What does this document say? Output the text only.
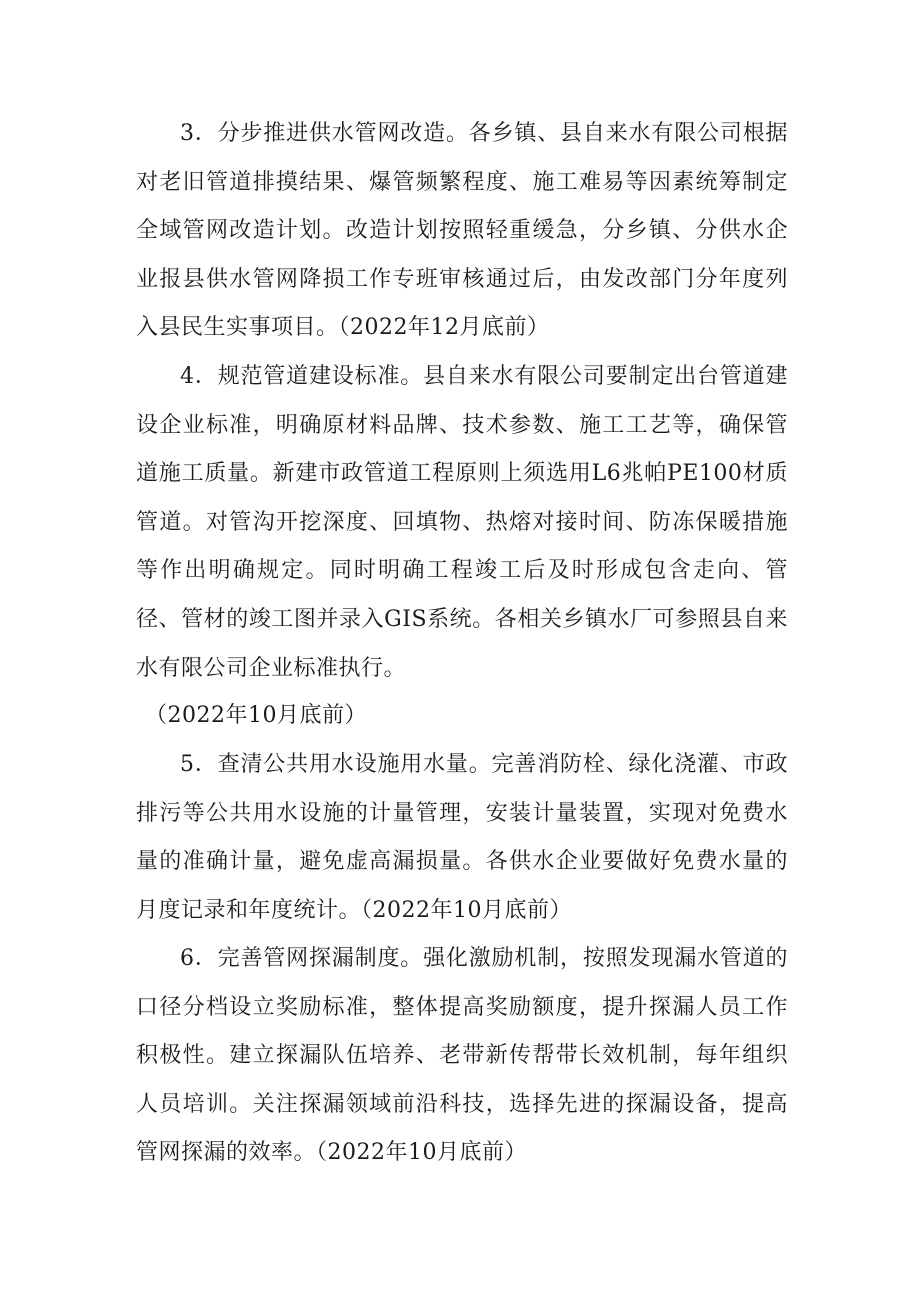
3．分步推进供水管网改造。各乡镇、县自来水有限公司根据对老旧管道排摸结果、爆管频繁程度、施工难易等因素统筹制定全域管网改造计划。改造计划按照轻重缓急，分乡镇、分供水企业报县供水管网降损工作专班审核通过后，由发改部门分年度列入县民生实事项目。（2022年12月底前）

4．规范管道建设标准。县自来水有限公司要制定出台管道建设企业标准，明确原材料品牌、技术参数、施工工艺等，确保管道施工质量。新建市政管道工程原则上须选用L6兆帕PE100材质管道。对管沟开挖深度、回填物、热熔对接时间、防冻保暖措施等作出明确规定。同时明确工程竣工后及时形成包含走向、管径、管材的竣工图并录入GIS系统。各相关乡镇水厂可参照县自来水有限公司企业标准执行。

（2022年10月底前）

5．查清公共用水设施用水量。完善消防栓、绿化浇灌、市政排污等公共用水设施的计量管理，安装计量装置，实现对免费水量的准确计量，避免虚高漏损量。各供水企业要做好免费水量的月度记录和年度统计。（2022年10月底前）

6．完善管网探漏制度。强化激励机制，按照发现漏水管道的口径分档设立奖励标准，整体提高奖励额度，提升探漏人员工作积极性。建立探漏队伍培养、老带新传帮带长效机制，每年组织人员培训。关注探漏领域前沿科技，选择先进的探漏设备，提高管网探漏的效率。（2022年10月底前）
